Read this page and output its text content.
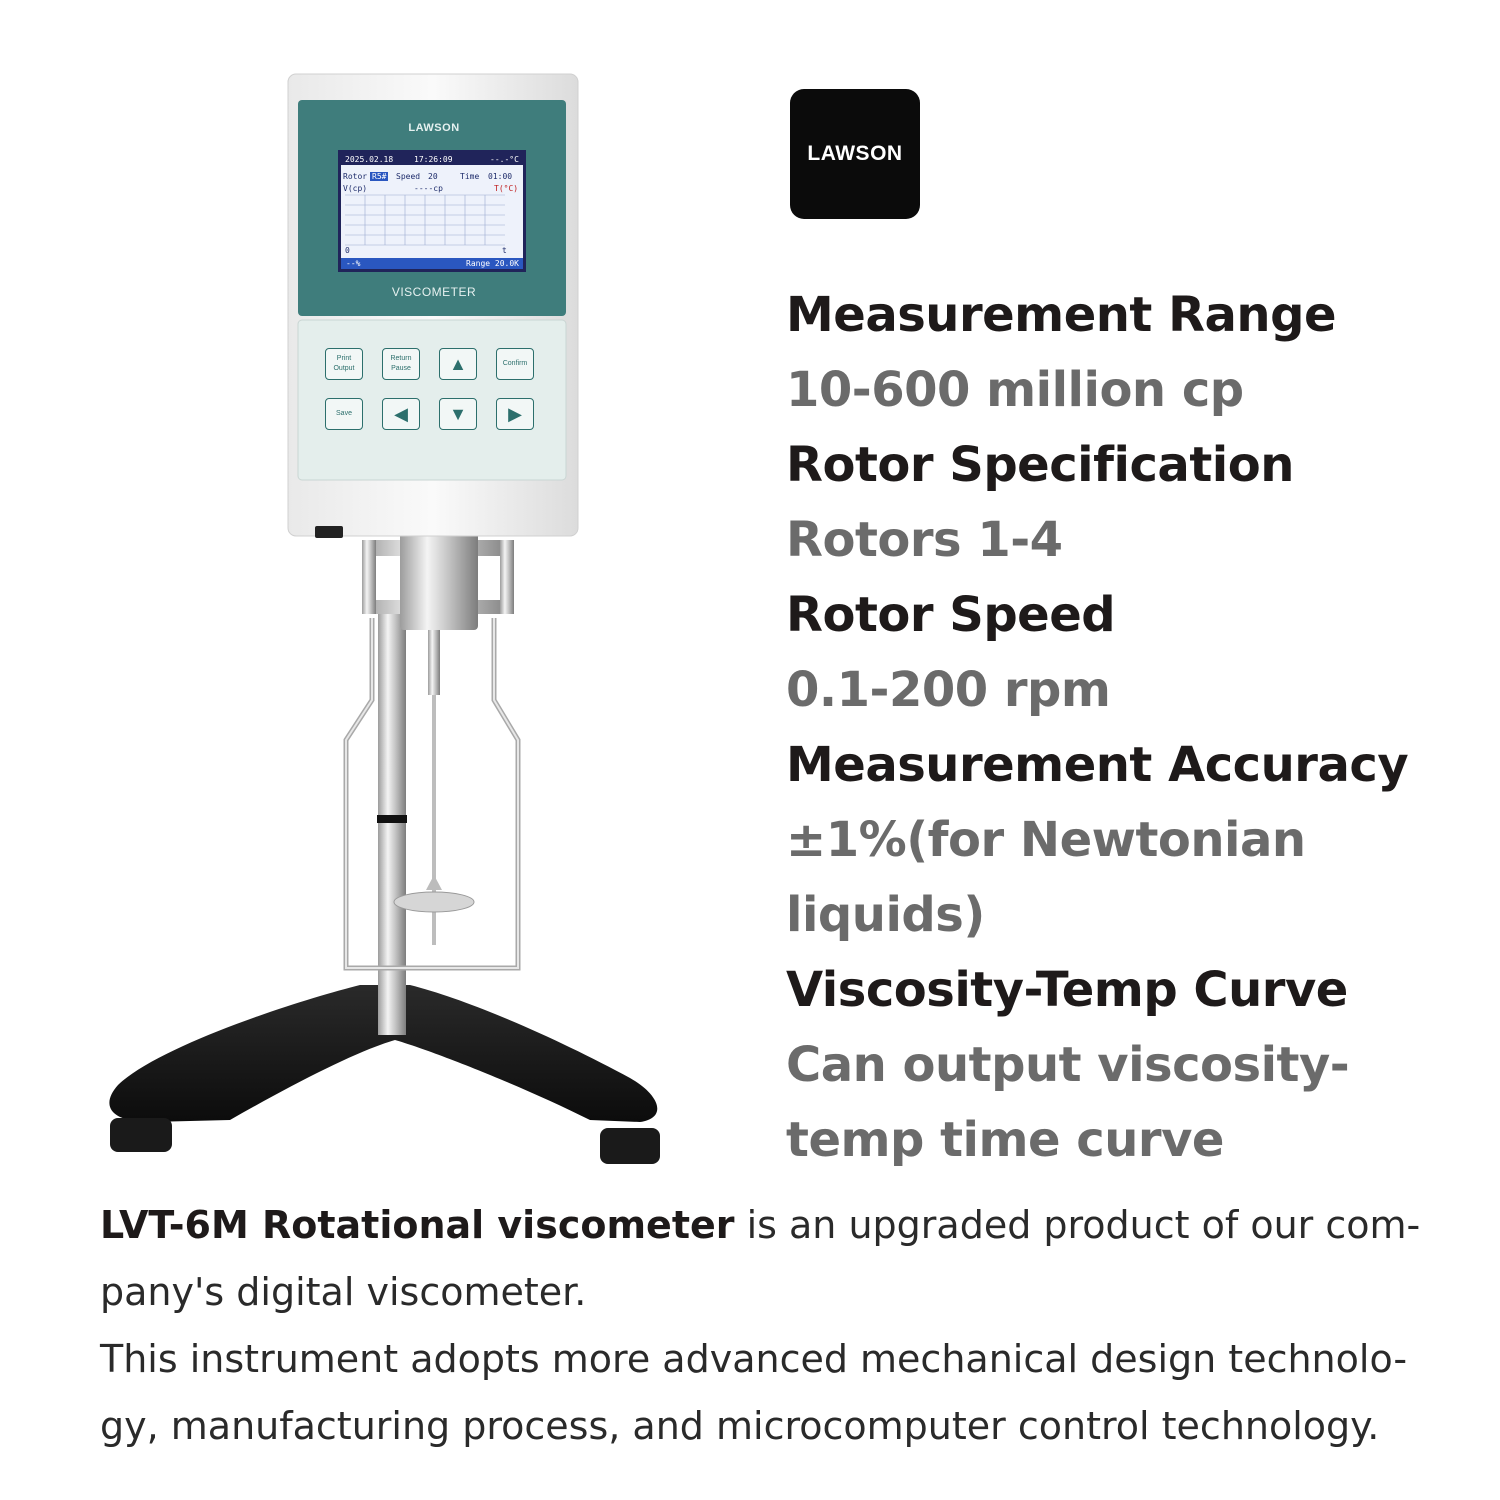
LAWSON
VISCOMETER
2025.02.18	17:26:09	--.-°C
Rotor R5# Speed 20	Time 01:00
V(cp)	----cp	T(°C)
0	t
--%	Range 20.0K
Print
Output
Return
Pause ▲	Confirm
Save ◀ ▼ ▶
LAWSON
Measurement Range
10-600 million cp
Rotor Specification
Rotors 1-4
Rotor Speed
0.1-200 rpm
Measurement Accuracy
±1%(for Newtonian liquids)
Viscosity-Temp Curve
Can output viscosity-temp time curve

LVT-6M Rotational viscometer is an upgraded product of our com-pany's digital viscometer.

This instrument adopts more advanced mechanical design technolo-gy, manufacturing process, and microcomputer control technology.
